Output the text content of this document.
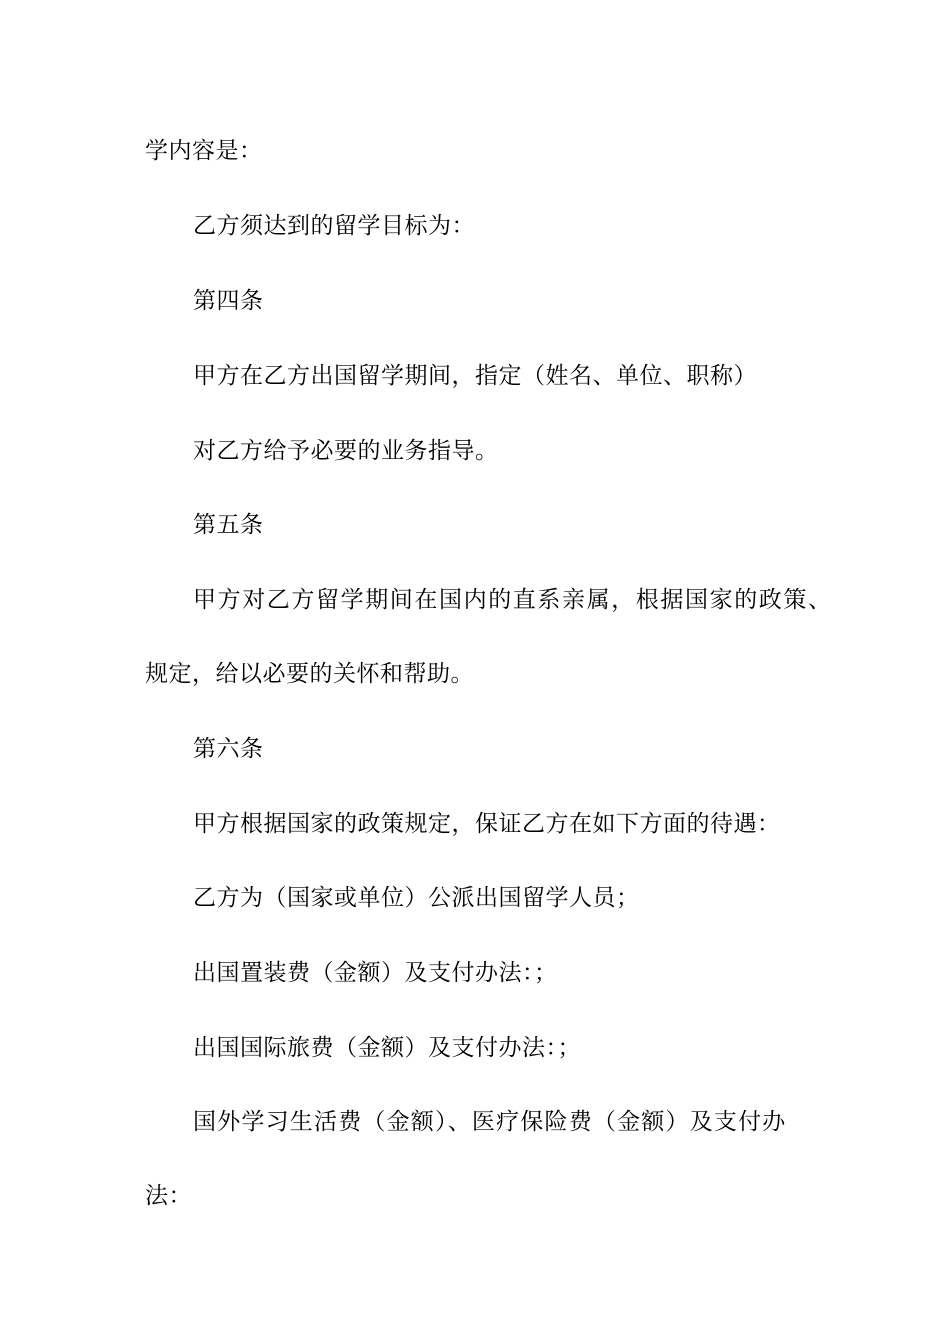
学内容是：
乙方须达到的留学目标为：
第四条
甲方在乙方出国留学期间，指定（姓名、单位、职称）
对乙方给予必要的业务指导。
第五条
甲方对乙方留学期间在国内的直系亲属，根据国家的政策、
规定，给以必要的关怀和帮助。
第六条
甲方根据国家的政策规定，保证乙方在如下方面的待遇：
乙方为（国家或单位）公派出国留学人员；
出国置装费（金额）及支付办法：；
出国国际旅费（金额）及支付办法：；
国外学习生活费（金额）、医疗保险费（金额）及支付办
法：
